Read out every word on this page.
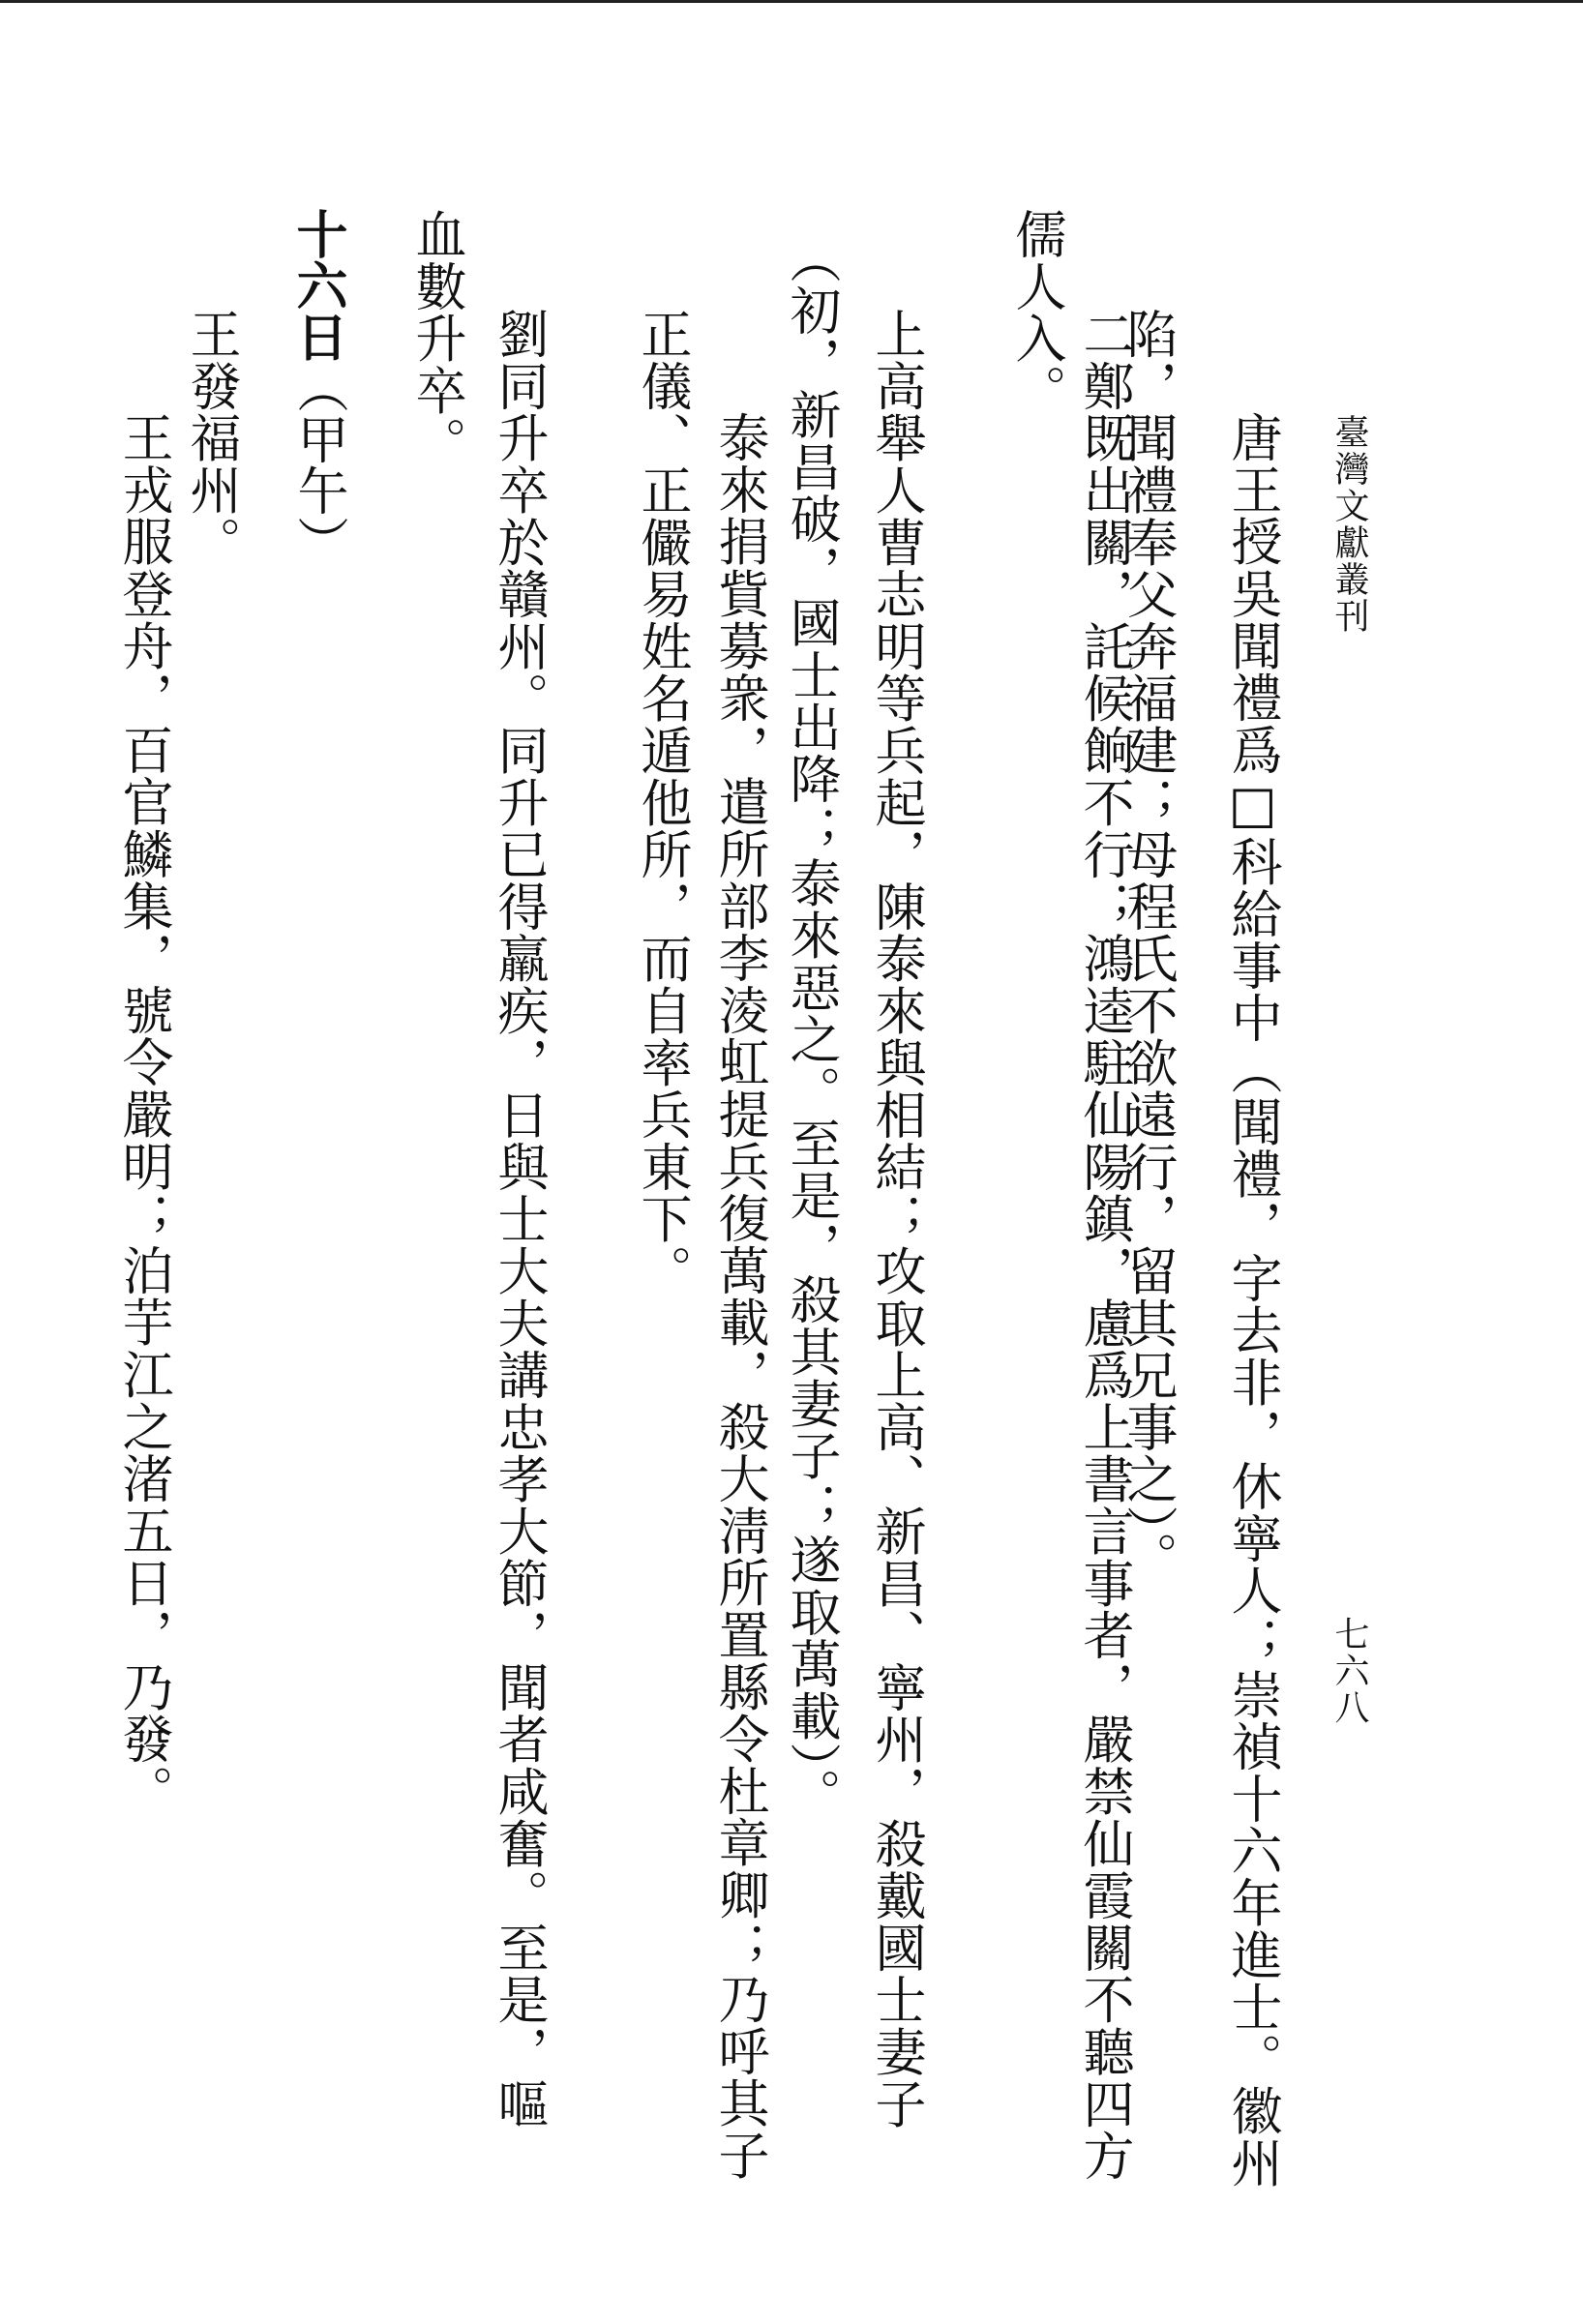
臺灣文獻叢刊
七六八
唐王授吳聞禮爲□科給事中（聞禮，字去非，休寧人；崇禎十六年進士。徽州
陷，聞禮奉父奔福建；母程氏不欲遠行，留其兄事之）。
二鄭既出關，託候餉不行；鴻逵駐仙陽鎮，慮爲上書言事者，嚴禁仙霞關不聽四方
儒人入。
上高舉人曹志明等兵起，陳泰來與相結；攻取上高、新昌、寧州，殺戴國士妻子
（初，新昌破，國士出降；泰來惡之。至是，殺其妻子；遂取萬載）。
泰來捐貲募衆，遣所部李淩虹提兵復萬載，殺大淸所置縣令杜章卿；乃呼其子
正儀、正儼易姓名遁他所，而自率兵東下。
劉同升卒於贛州。同升已得羸疾，日與士大夫講忠孝大節，聞者咸奮。至是，嘔
血數升卒。
十六日（甲午）
王發福州。
王戎服登舟，百官鱗集，號令嚴明；泊芋江之渚五日，乃發。
